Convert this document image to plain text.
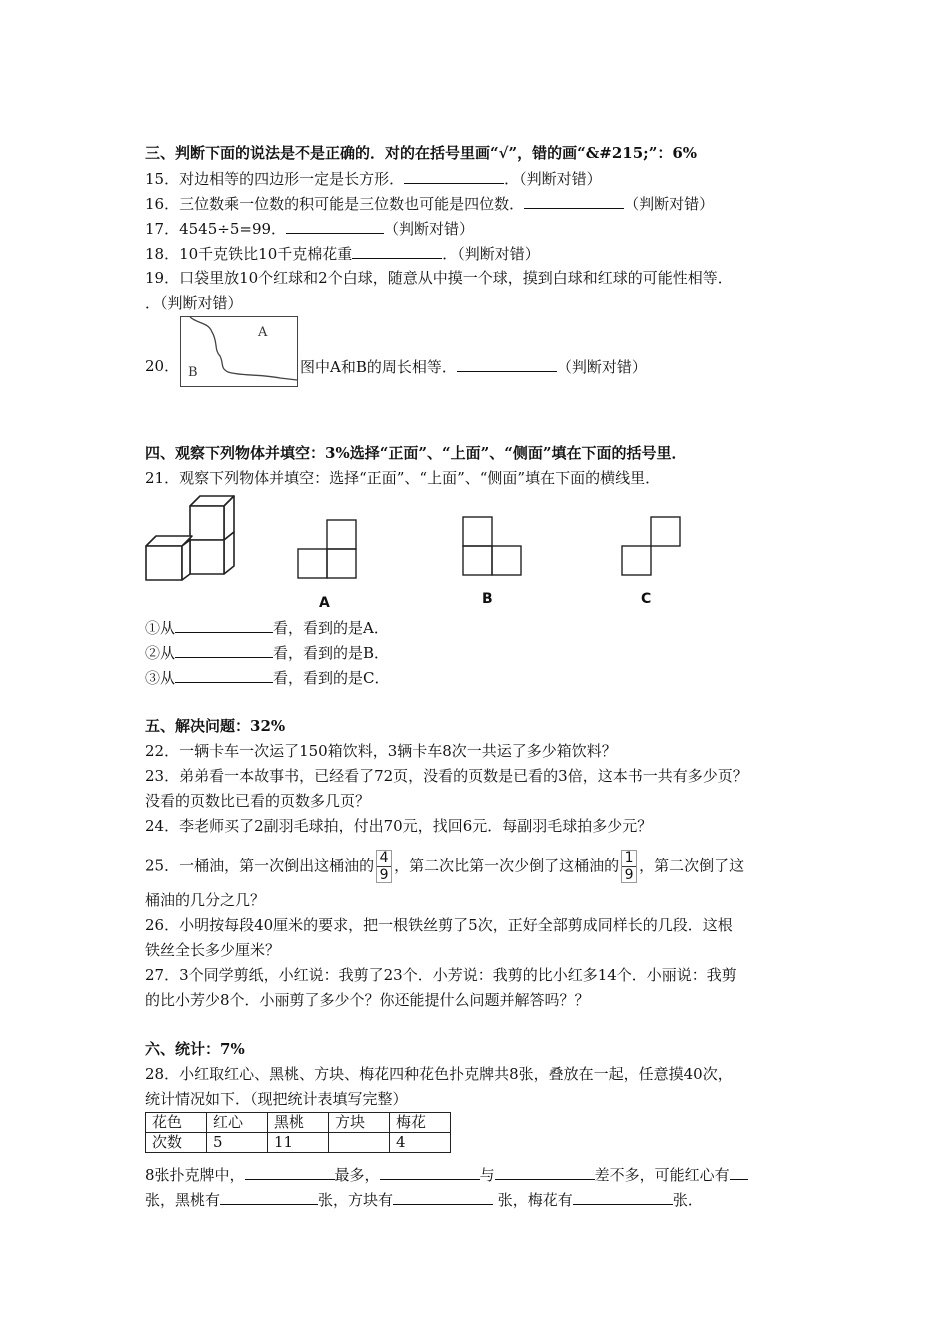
三、判断下面的说法是不是正确的．对的在括号里画“√”，错的画“&#215;”：6%
15．对边相等的四边形一定是长方形．	．（判断对错）
16．三位数乘一位数的积可能是三位数也可能是四位数．	（判断对错）
17．4545÷5=99．	（判断对错）
18．10千克铁比10千克棉花重	．（判断对错）
19．口袋里放10个红球和2个白球，随意从中摸一个球，摸到白球和红球的可能性相等．
．（判断对错）
20．
A
B	图中A和B的周长相等．	（判断对错）
四、观察下列物体并填空：3%选择“正面”、“上面”、“侧面”填在下面的括号里．
21．观察下列物体并填空：选择“正面”、“上面”、“侧面”填在下面的横线里．
A	B	C
①从	看，看到的是A．
②从	看，看到的是B．
③从	看，看到的是C．
五、解决问题：32%
22．一辆卡车一次运了150箱饮料，3辆卡车8次一共运了多少箱饮料？
23．弟弟看一本故事书，已经看了72页，没看的页数是已看的3倍，这本书一共有多少页？
没看的页数比已看的页数多几页？
24．李老师买了2副羽毛球拍，付出70元，找回6元．每副羽毛球拍多少元？
25．一桶油，第一次倒出这桶油的 $\frac{4}{9}$ ，第二次比第一次少倒了这桶油的 $\frac{1}{9}$ ，第二次倒了这
桶油的几分之几？
26．小明按每段40厘米的要求，把一根铁丝剪了5次，正好全部剪成同样长的几段．这根
铁丝全长多少厘米？
27．3个同学剪纸，小红说：我剪了23个．小芳说：我剪的比小红多14个．小丽说：我剪
的比小芳少8个．小丽剪了多少个？你还能提什么问题并解答吗？？
六、统计：7%
28．小红取红心、黑桃、方块、梅花四种花色扑克牌共8张，叠放在一起，任意摸40次，
统计情况如下．（现把统计表填写完整）
花色	红心	黑桃	方块	梅花
次数	5	11		4
8张扑克牌中，	最多，	与	差不多，可能红心有
张，黑桃有	张，方块有	张，梅花有	张．
